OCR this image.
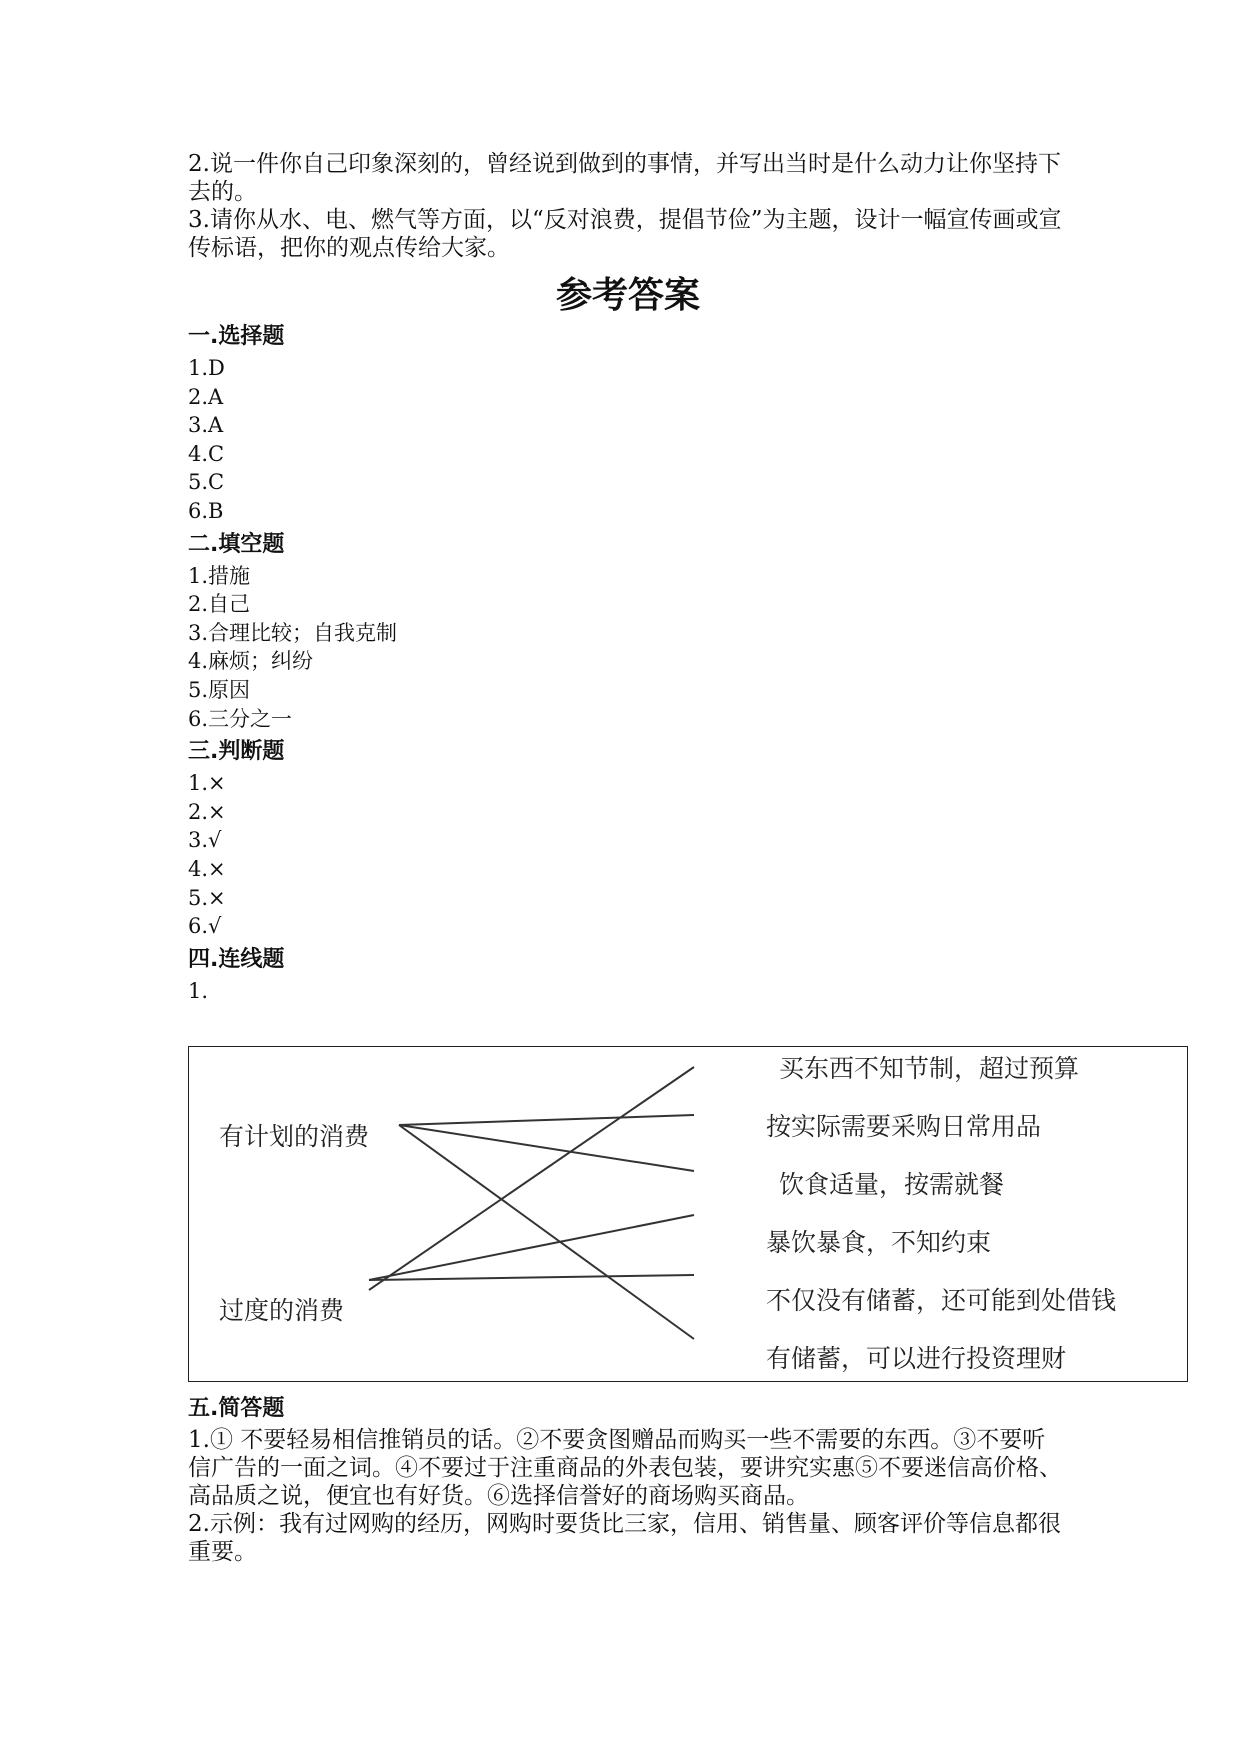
2.说一件你自己印象深刻的，曾经说到做到的事情，并写出当时是什么动力让你坚持下去的。

3.请你从水、电、燃气等方面，以“反对浪费，提倡节俭”为主题，设计一幅宣传画或宣传标语，把你的观点传给大家。

参考答案
一.选择题

1.D

2.A

3.A

4.C

5.C

6.B

二.填空题

1.措施

2.自己

3.合理比较；自我克制

4.麻烦；纠纷

5.原因

6.三分之一

三.判断题

1.×

2.×

3.√

4.×

5.×

6.√

四.连线题

1.

有计划的消费
过度的消费
买东西不知节制，超过预算
按实际需要采购日常用品
饮食适量，按需就餐
暴饮暴食，不知约束
不仅没有储蓄，还可能到处借钱
有储蓄，可以进行投资理财
五.简答题

1.① 不要轻易相信推销员的话。②不要贪图赠品而购买一些不需要的东西。③不要听信广告的一面之词。④不要过于注重商品的外表包装，要讲究实惠⑤不要迷信高价格、高品质之说，便宜也有好货。⑥选择信誉好的商场购买商品。

2.示例：我有过网购的经历，网购时要货比三家，信用、销售量、顾客评价等信息都很重要。
